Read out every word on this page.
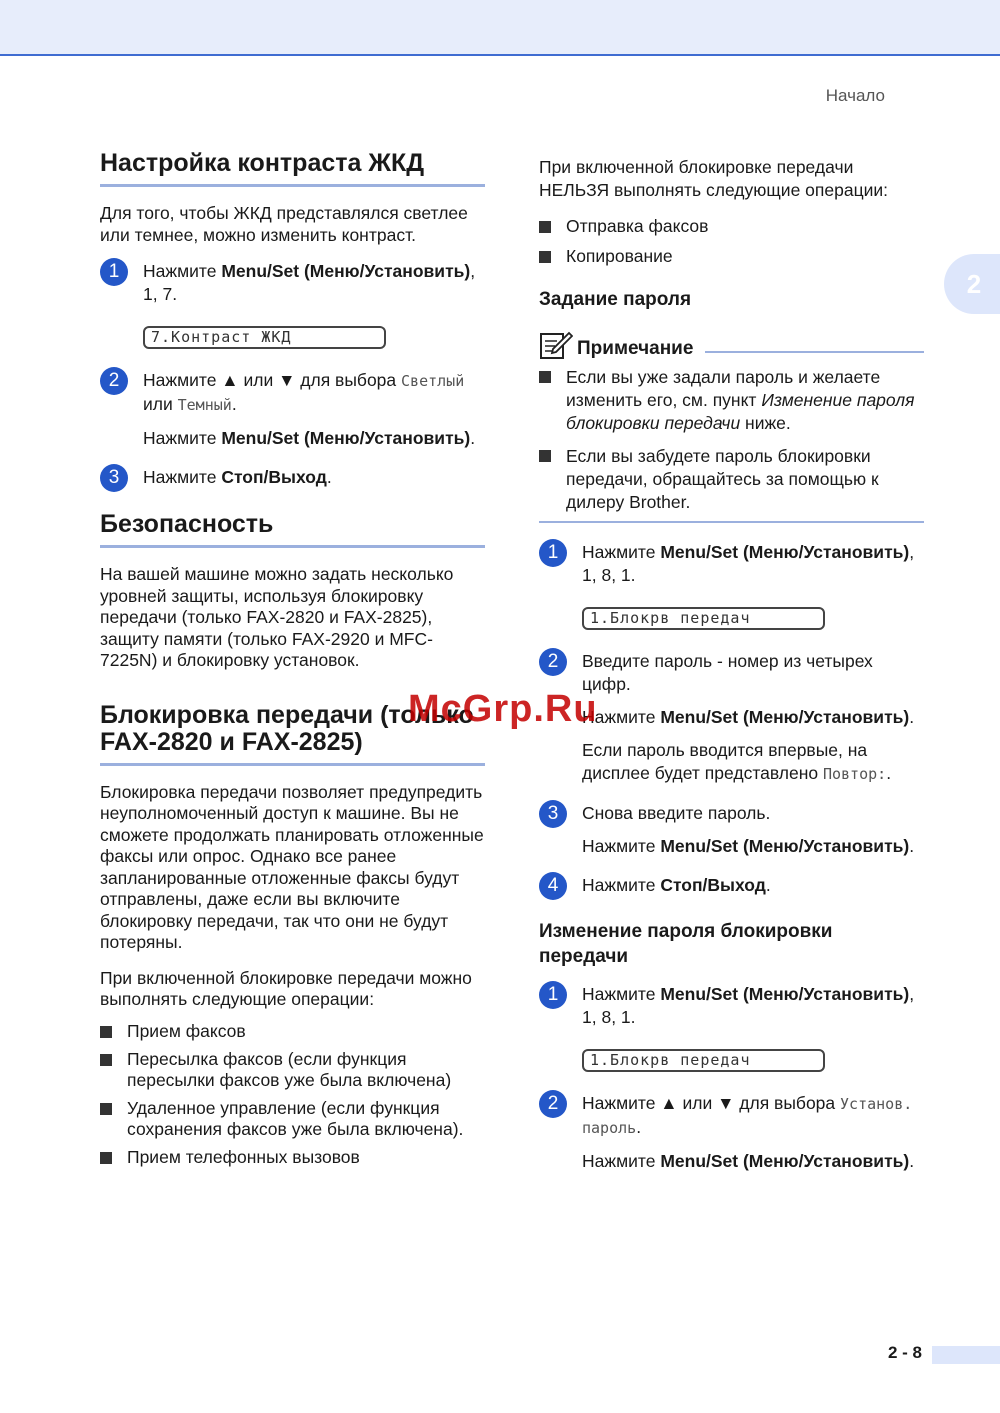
Начало
2
Настройка контраста ЖКД

Для того, чтобы ЖКД представлялся светлее или темнее, можно изменить контраст.

1	Нажмите Menu/Set (Меню/Установить), 1, 7.
7.Контраст ЖКД
2	Нажмите ▲ или ▼ для выбора Светлый или Темный.
Нажмите Menu/Set (Меню/Установить).
3	Нажмите Стоп/Выход.
Безопасность

На вашей машине можно задать несколько уровней защиты, используя блокировку передачи (только FAX-2820 и FAX-2825), защиту памяти (только FAX-2920 и MFC-7225N) и блокировку установок.

Блокировка передачи (только FAX-2820 и FAX-2825)

Блокировка передачи позволяет предупредить неуполномоченный доступ к машине. Вы не сможете продолжать планировать отложенные факсы или опрос. Однако все ранее запланированные отложенные факсы будут отправлены, даже если вы включите блокировку передачи, так что они не будут потеряны.

При включенной блокировке передачи можно выполнять следующие операции:

Прием факсов
Пересылка факсов (если функция пересылки факсов уже была включена)
Удаленное управление (если функция сохранения факсов уже была включена).
Прием телефонных вызовов

При включенной блокировке передачи НЕЛЬЗЯ выполнять следующие операции:

Отправка факсов
Копирование
Задание пароля
Примечание
Если вы уже задали пароль и желаете изменить его, см. пункт Изменение пароля блокировки передачи ниже.
Если вы забудете пароль блокировки передачи, обращайтесь за помощью к дилеру Brother.
1	Нажмите Menu/Set (Меню/Установить), 1, 8, 1.
1.Блокрв передач
2	Введите пароль - номер из четырех цифр.
Нажмите Menu/Set (Меню/Установить).
Если пароль вводится впервые, на дисплее будет представлено Повтор:.
3	Снова введите пароль.
Нажмите Menu/Set (Меню/Установить).
4	Нажмите Стоп/Выход.
Изменение пароля блокировки передачи
1	Нажмите Menu/Set (Меню/Установить), 1, 8, 1.
1.Блокрв передач
2	Нажмите ▲ или ▼ для выбора Установ. пароль.
Нажмите Menu/Set (Меню/Установить).
McGrp.Ru
2 - 8
